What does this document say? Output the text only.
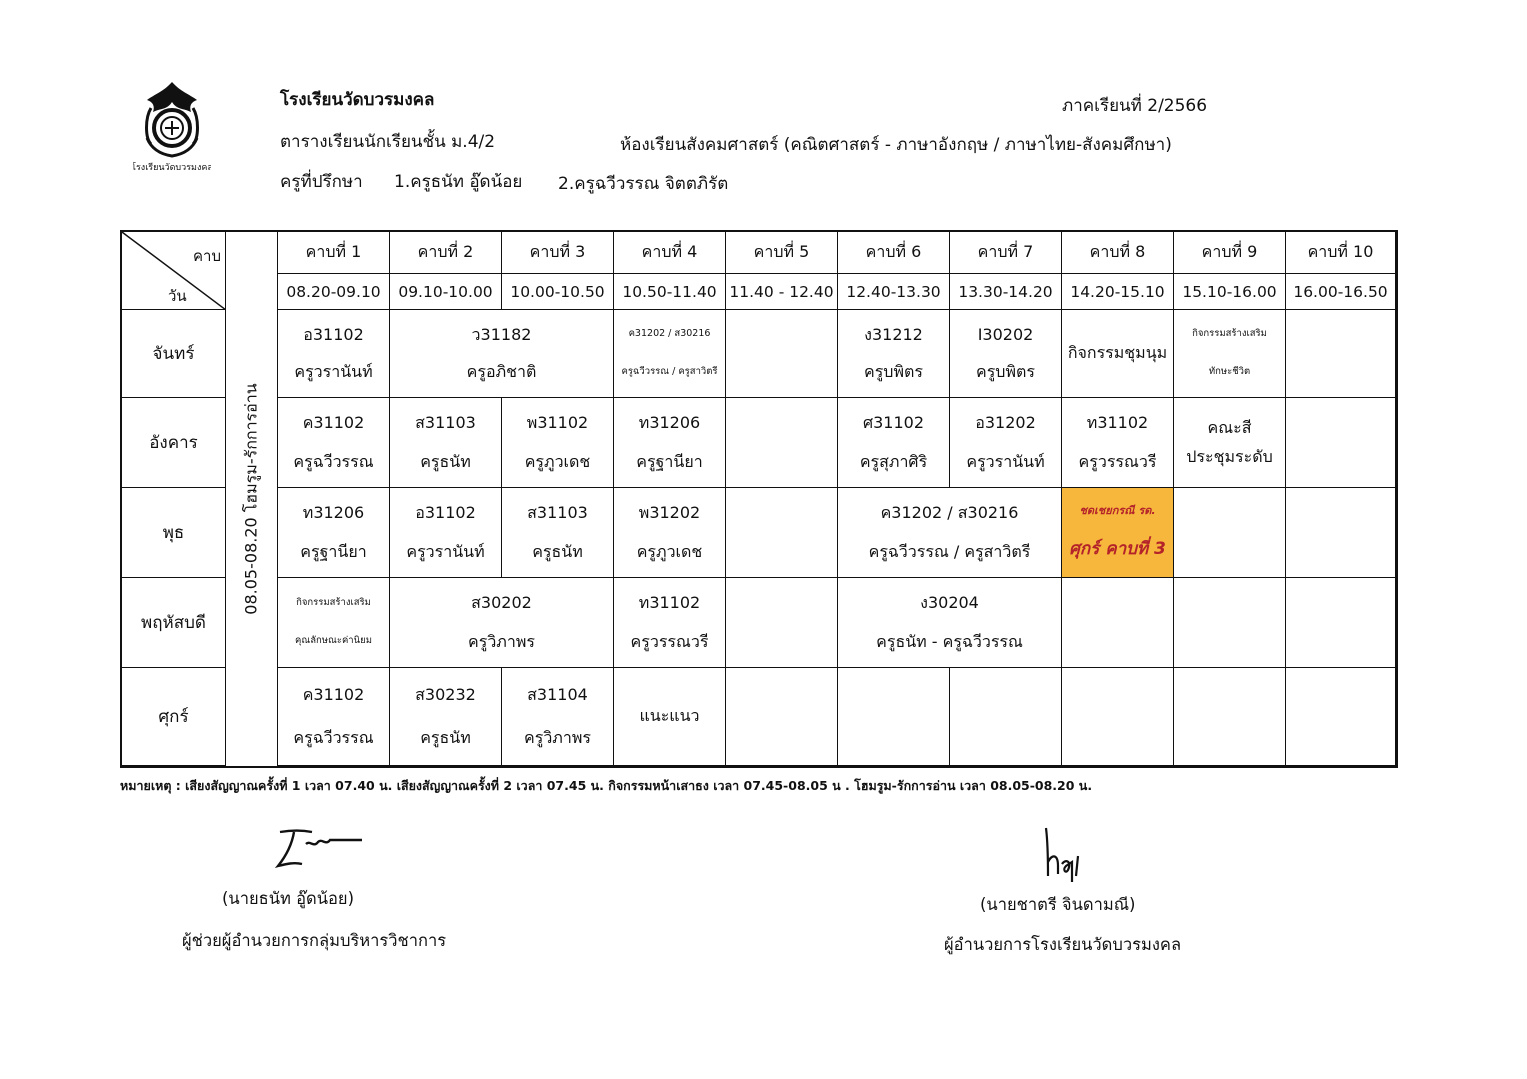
โรงเรียนวัดบวรมงคล
โรงเรียนวัดบวรมงคล	ภาคเรียนที่ 2/2566
ตารางเรียนนักเรียนชั้น ม.4/2	ห้องเรียนสังคมศาสตร์ (คณิตศาสตร์ - ภาษาอังกฤษ / ภาษาไทย-สังคมศึกษา)
ครูที่ปรึกษา 1.ครูธนัท อู๊ดน้อย 2.ครูฉวีวรรณ จิตตภิรัต
คาบ
วัน
08.05-08.20 โฮมรูม-รักการอ่าน
คาบที่ 1
08.20-09.10
คาบที่ 2
09.10-10.00
คาบที่ 3
10.00-10.50
คาบที่ 4
10.50-11.40
คาบที่ 5
11.40 - 12.40
คาบที่ 6
12.40-13.30
คาบที่ 7
13.30-14.20
คาบที่ 8
14.20-15.10
คาบที่ 9
15.10-16.00
คาบที่ 10
16.00-16.50
จันทร์
อังคาร
พุธ
พฤหัสบดี
ศุกร์
อ31102
ครูวรานันท์
ว31182
ครูอภิชาติ
ค31202 / ส30216
ครูฉวีวรรณ / ครูสาวิตรี
ง31212
ครูบพิตร
I30202
ครูบพิตร
กิจกรรมชุมนุม
กิจกรรมสร้างเสริม
ทักษะชีวิต
ค31102
ครูฉวีวรรณ
ส31103
ครูธนัท
พ31102
ครูภูวเดช
ท31206
ครูฐานียา
ศ31102
ครูสุภาศิริ
อ31202
ครูวรานันท์
ท31102
ครูวรรณวรี
คณะสี
ประชุมระดับ
ท31206
ครูฐานียา
อ31102
ครูวรานันท์
ส31103
ครูธนัท
พ31202
ครูภูวเดช
ค31202 / ส30216
ครูฉวีวรรณ / ครูสาวิตรี
ชดเชยกรณี รด.
ศุกร์ คาบที่ 3
กิจกรรมสร้างเสริม
คุณลักษณะค่านิยม
ส30202
ครูวิภาพร
ท31102
ครูวรรณวรี
ง30204
ครูธนัท - ครูฉวีวรรณ
ค31102
ครูฉวีวรรณ
ส30232
ครูธนัท
ส31104
ครูวิภาพร
แนะแนว
หมายเหตุ : เสียงสัญญาณครั้งที่ 1 เวลา 07.40 น. เสียงสัญญาณครั้งที่ 2 เวลา 07.45 น. กิจกรรมหน้าเสาธง เวลา 07.45-08.05 น . โฮมรูม-รักการอ่าน เวลา 08.05-08.20 น.
(นายธนัท อู๊ดน้อย)
ผู้ช่วยผู้อำนวยการกลุ่มบริหารวิชาการ
(นายชาตรี จินดามณี)
ผู้อำนวยการโรงเรียนวัดบวรมงคล
